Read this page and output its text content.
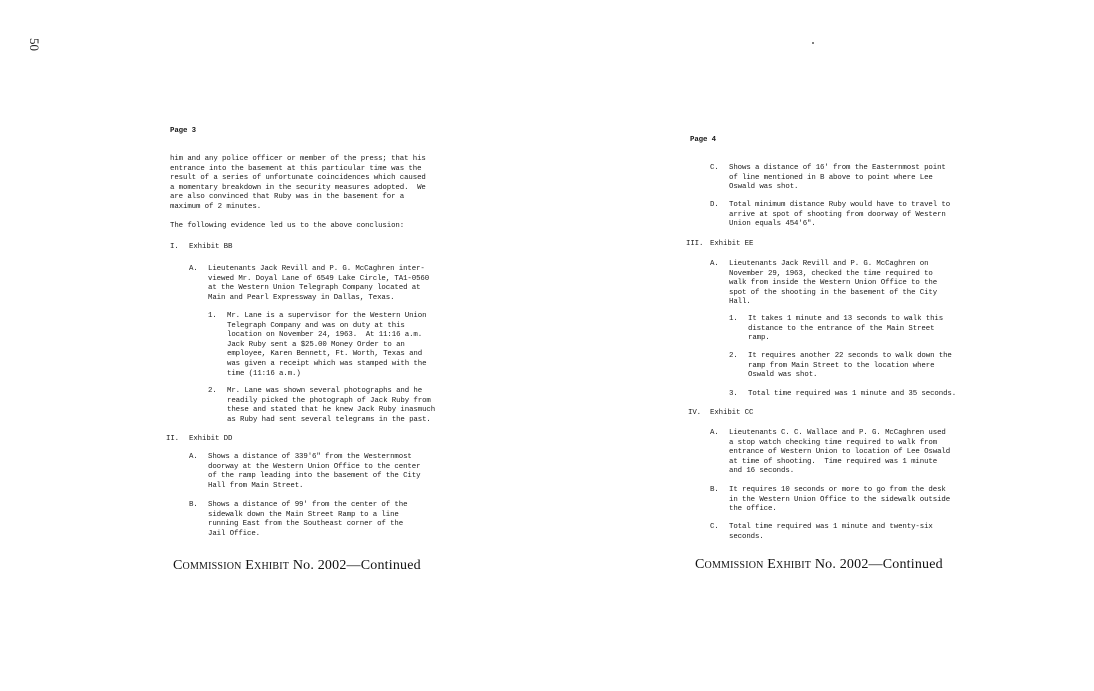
50
Page 3
him and any police officer or member of the press; that his
entrance into the basement at this particular time was the
result of a series of unfortunate coincidences which caused
a momentary breakdown in the security measures adopted.  We
are also convinced that Ruby was in the basement for a
maximum of 2 minutes.
The following evidence led us to the above conclusion:
I. Exhibit BB
A. Lieutenants Jack Revill and P. G. McCaghren inter-
viewed Mr. Doyal Lane of 6549 Lake Circle, TA1-0560
at the Western Union Telegraph Company located at
Main and Pearl Expressway in Dallas, Texas.
1. Mr. Lane is a supervisor for the Western Union
Telegraph Company and was on duty at this
location on November 24, 1963.  At 11:16 a.m.
Jack Ruby sent a $25.00 Money Order to an
employee, Karen Bennett, Ft. Worth, Texas and
was given a receipt which was stamped with the
time (11:16 a.m.)
2. Mr. Lane was shown several photographs and he
readily picked the photograph of Jack Ruby from
these and stated that he knew Jack Ruby inasmuch
as Ruby had sent several telegrams in the past.
II. Exhibit DD
A. Shows a distance of 339'6" from the Westernmost
doorway at the Western Union Office to the center
of the ramp leading into the basement of the City
Hall from Main Street.
B. Shows a distance of 99' from the center of the
sidewalk down the Main Street Ramp to a line
running East from the Southeast corner of the
Jail Office.
Commission Exhibit No. 2002—Continued
Page 4
C. Shows a distance of 16' from the Easternmost point
of line mentioned in B above to point where Lee
Oswald was shot.
D. Total minimum distance Ruby would have to travel to
arrive at spot of shooting from doorway of Western
Union equals 454'6".
III. Exhibit EE
A. Lieutenants Jack Revill and P. G. McCaghren on
November 29, 1963, checked the time required to
walk from inside the Western Union Office to the
spot of the shooting in the basement of the City
Hall.
1. It takes 1 minute and 13 seconds to walk this
distance to the entrance of the Main Street
ramp.
2. It requires another 22 seconds to walk down the
ramp from Main Street to the location where
Oswald was shot.
3. Total time required was 1 minute and 35 seconds.
IV. Exhibit CC
A. Lieutenants C. C. Wallace and P. G. McCaghren used
a stop watch checking time required to walk from
entrance of Western Union to location of Lee Oswald
at time of shooting.  Time required was 1 minute
and 16 seconds.
B. It requires 10 seconds or more to go from the desk
in the Western Union Office to the sidewalk outside
the office.
C. Total time required was 1 minute and twenty-six
seconds.
Commission Exhibit No. 2002—Continued
